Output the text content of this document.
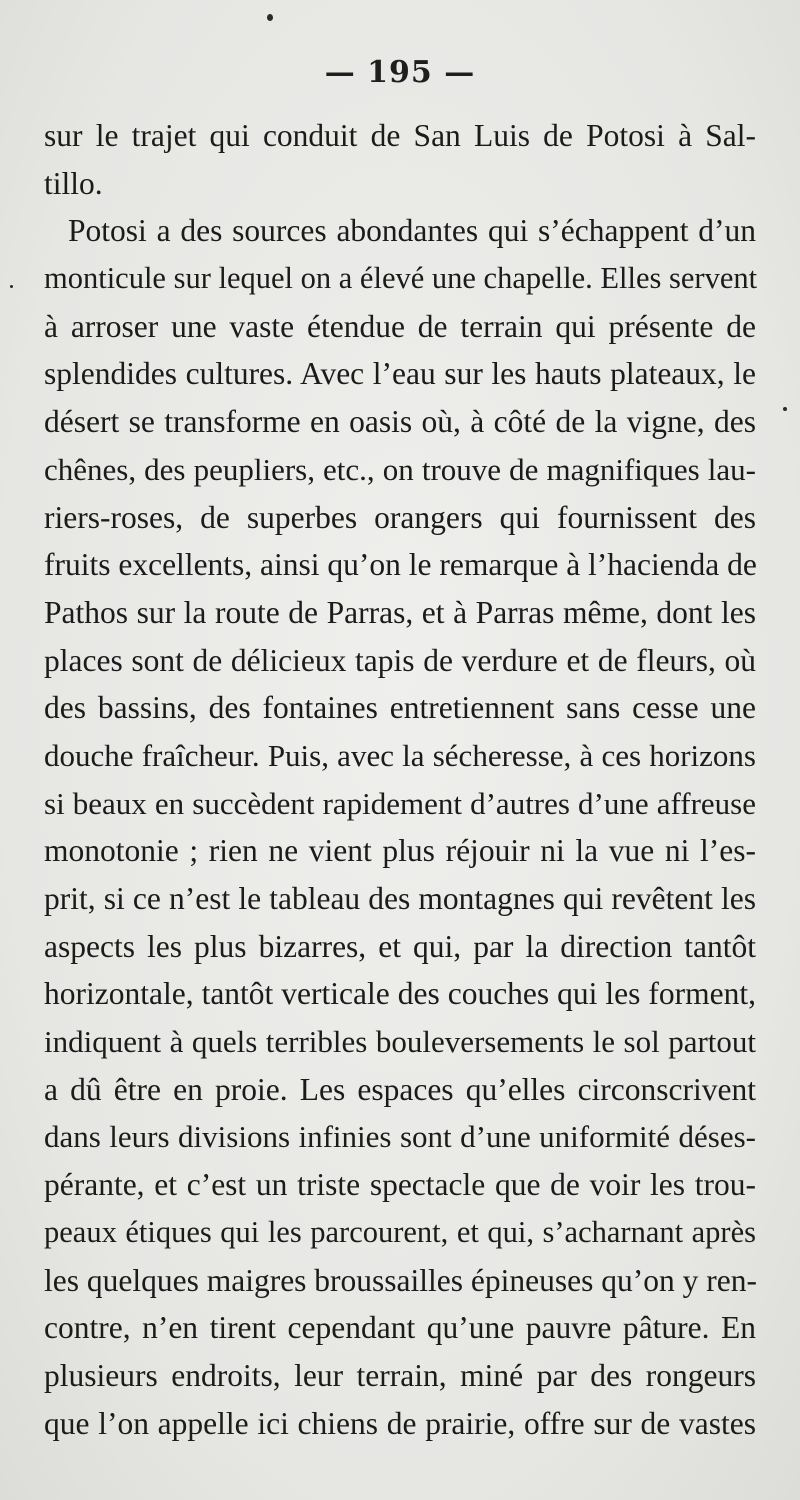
— 195 —
sur le trajet qui conduit de San Luis de Potosi à Sal-
tillo.
Potosi a des sources abondantes qui s’échappent d’un
monticule sur lequel on a élevé une chapelle. Elles servent
à arroser une vaste étendue de terrain qui présente de
splendides cultures. Avec l’eau sur les hauts plateaux, le
désert se transforme en oasis où, à côté de la vigne, des
chênes, des peupliers, etc., on trouve de magnifiques lau-
riers-roses, de superbes orangers qui fournissent des
fruits excellents, ainsi qu’on le remarque à l’hacienda de
Pathos sur la route de Parras, et à Parras même, dont les
places sont de délicieux tapis de verdure et de fleurs, où
des bassins, des fontaines entretiennent sans cesse une
douche fraîcheur. Puis, avec la sécheresse, à ces horizons
si beaux en succèdent rapidement d’autres d’une affreuse
monotonie ; rien ne vient plus réjouir ni la vue ni l’es-
prit, si ce n’est le tableau des montagnes qui revêtent les
aspects les plus bizarres, et qui, par la direction tantôt
horizontale, tantôt verticale des couches qui les forment,
indiquent à quels terribles bouleversements le sol partout
a dû être en proie. Les espaces qu’elles circonscrivent
dans leurs divisions infinies sont d’une uniformité déses-
pérante, et c’est un triste spectacle que de voir les trou-
peaux étiques qui les parcourent, et qui, s’acharnant après
les quelques maigres broussailles épineuses qu’on y ren-
contre, n’en tirent cependant qu’une pauvre pâture. En
plusieurs endroits, leur terrain, miné par des rongeurs
que l’on appelle ici chiens de prairie, offre sur de vastes
